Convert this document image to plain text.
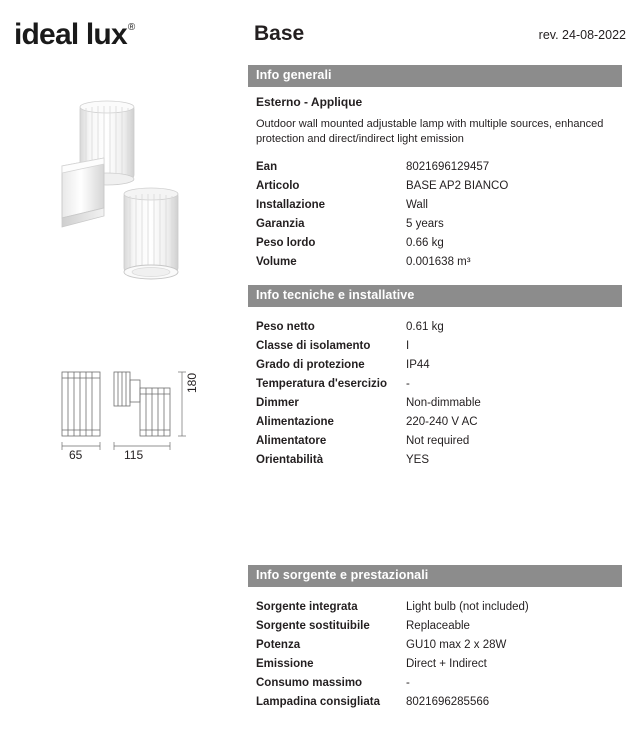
ideal lux®
65	115
180
Base	rev. 24-08-2022
Info generali
Esterno - Applique
Outdoor wall mounted adjustable lamp with multiple sources, enhanced protection and direct/indirect light emission
Ean	8021696129457
Articolo	BASE AP2 BIANCO
Installazione	Wall
Garanzia	5 years
Peso lordo	0.66 kg
Volume	0.001638 m³
Info tecniche e installative
Peso netto	0.61 kg
Classe di isolamento	I
Grado di protezione	IP44
Temperatura d'esercizio	-
Dimmer	Non-dimmable
Alimentazione	220-240 V AC
Alimentatore	Not required
Orientabilità	YES
Info sorgente e prestazionali
Sorgente integrata	Light bulb (not included)
Sorgente sostituibile	Replaceable
Potenza	GU10 max 2 x 28W
Emissione	Direct + Indirect
Consumo massimo	-
Lampadina consigliata	8021696285566
